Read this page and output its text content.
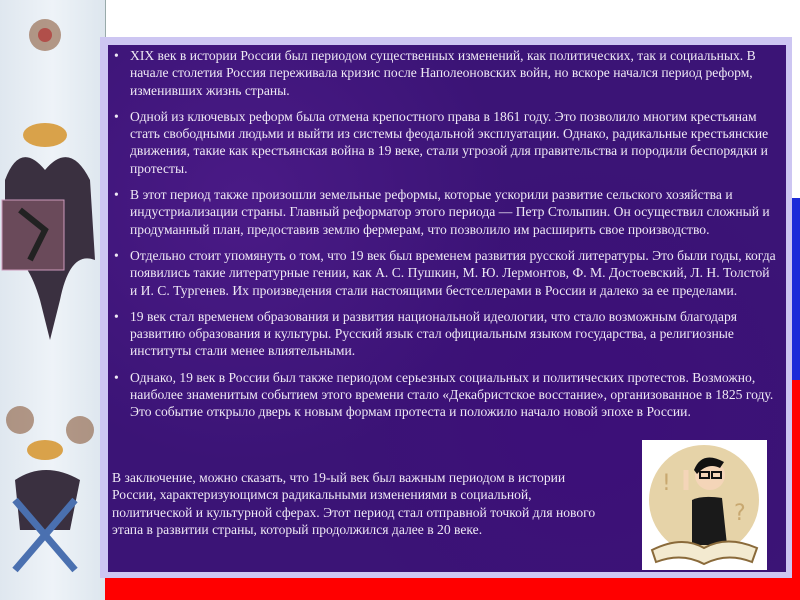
• XIX век в истории России был периодом существенных изменений, как политических, так и социальных. В начале столетия Россия переживала кризис после Наполеоновских войн, но вскоре начался период реформ, изменивших жизнь страны.
• Одной из ключевых реформ была отмена крепостного права в 1861 году. Это позволило многим крестьянам стать свободными людьми и выйти из системы феодальной эксплуатации. Однако, радикальные крестьянские движения, такие как крестьянская война в 19 веке, стали угрозой для правительства и породили беспорядки и протесты.
• В этот период также произошли земельные реформы, которые ускорили развитие сельского хозяйства и индустриализации страны. Главный реформатор этого периода — Петр Столыпин. Он осуществил сложный и продуманный план, предоставив землю фермерам, что позволило им расширить свое производство.
• Отдельно стоит упомянуть о том, что 19 век был временем развития русской литературы. Это были годы, когда появились такие литературные гении, как А. С. Пушкин, М. Ю. Лермонтов, Ф. М. Достоевский, Л. Н. Толстой и И. С. Тургенев. Их произведения стали настоящими бестселлерами в России и далеко за ее пределами.
• 19 век стал временем образования и развития национальной идеологии, что стало возможным благодаря развитию образования и культуры. Русский язык стал официальным языком государства, а религиозные институты стали менее влиятельными.
• Однако, 19 век в России был также периодом серьезных социальных и политических протестов. Возможно, наиболее знаменитым событием этого времени стало «Декабристское восстание», организованное в 1825 году. Это событие открыло дверь к новым формам протеста и положило начало новой эпохе в России.
В заключение, можно сказать, что 19-ый век был важным периодом в истории России, характеризующимся радикальными изменениями в социальной, политической и культурной сферах. Этот период стал отправной точкой для нового этапа в развитии страны, который продолжился далее в 20 веке.
!
?
